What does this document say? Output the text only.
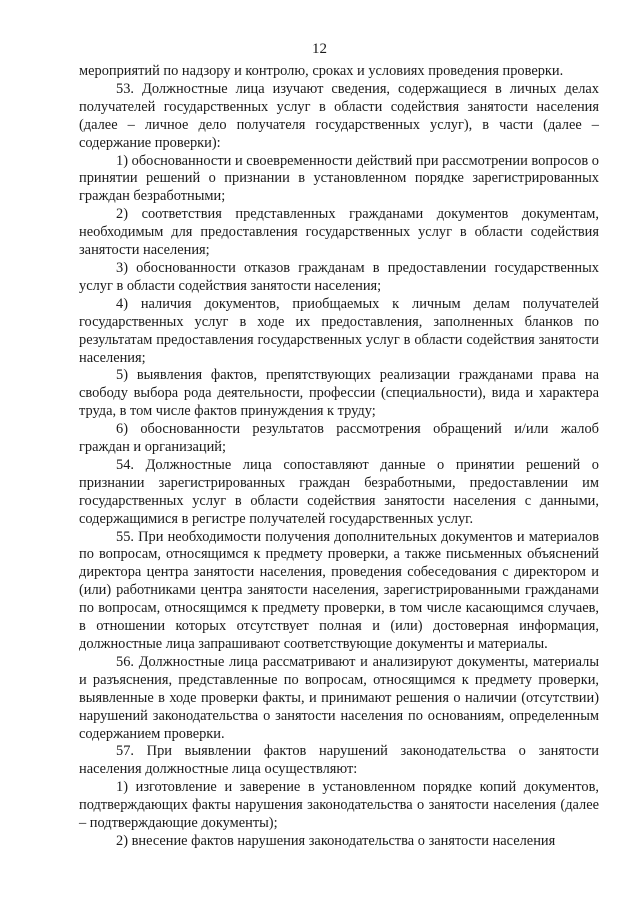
12

мероприятий по надзору и контролю, сроках и условиях проведения проверки.

53. Должностные лица изучают сведения, содержащиеся в личных делах получателей государственных услуг в области содействия занятости населения (далее – личное дело получателя государственных услуг), в части (далее – содержание проверки):

1) обоснованности и своевременности действий при рассмотрении вопросов о принятии решений о признании в установленном порядке зарегистрированных граждан безработными;

2) соответствия представленных гражданами документов документам, необходимым для предоставления государственных услуг в области содействия занятости населения;

3) обоснованности отказов гражданам в предоставлении государственных услуг в области содействия занятости населения;

4) наличия документов, приобщаемых к личным делам получателей государственных услуг в ходе их предоставления, заполненных бланков по результатам предоставления государственных услуг в области содействия занятости населения;

5) выявления фактов, препятствующих реализации гражданами права на свободу выбора рода деятельности, профессии (специальности), вида и характера труда, в том числе фактов принуждения к труду;

6) обоснованности результатов рассмотрения обращений и/или жалоб граждан и организаций;

54. Должностные лица сопоставляют данные о принятии решений о признании зарегистрированных граждан безработными, предоставлении им государственных услуг в области содействия занятости населения с данными, содержащимися в регистре получателей государственных услуг.

55. При необходимости получения дополнительных документов и материалов по вопросам, относящимся к предмету проверки, а также письменных объяснений директора центра занятости населения, проведения собеседования с директором и (или) работниками центра занятости населения, зарегистрированными гражданами по вопросам, относящимся к предмету проверки, в том числе касающимся случаев, в отношении которых отсутствует полная и (или) достоверная информация, должностные лица запрашивают соответствующие документы и материалы.

56. Должностные лица рассматривают и анализируют документы, материалы и разъяснения, представленные по вопросам, относящимся к предмету проверки, выявленные в ходе проверки факты, и принимают решения о наличии (отсутствии) нарушений законодательства о занятости населения по основаниям, определенным содержанием проверки.

57. При выявлении фактов нарушений законодательства о занятости населения должностные лица осуществляют:

1) изготовление и заверение в установленном порядке копий документов, подтверждающих факты нарушения законодательства о занятости населения (далее – подтверждающие документы);

2) внесение фактов нарушения законодательства о занятости населения
